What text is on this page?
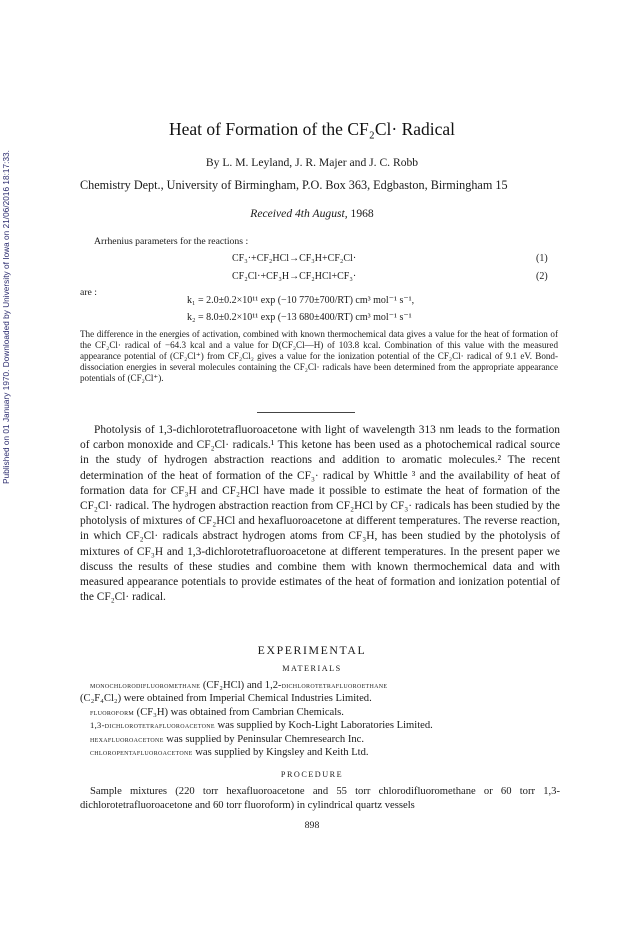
Published on 01 January 1970. Downloaded by University of Iowa on 21/06/2016 18:17:33.
Heat of Formation of the CF₂Cl· Radical
By L. M. Leyland, J. R. Majer and J. C. Robb
Chemistry Dept., University of Birmingham, P.O. Box 363, Edgbaston, Birmingham 15
Received 4th August, 1968
Arrhenius parameters for the reactions :
CF₃·+CF₂HCl→CF₃H+CF₂Cl·	(1)
CF₂Cl·+CF₃H→CF₂HCl+CF₃·	(2)
are :
k₁ = 2.0±0.2×10¹¹ exp (−10 770±700/RT) cm³ mol⁻¹ s⁻¹,
k₂ = 8.0±0.2×10¹¹ exp (−13 680±400/RT) cm³ mol⁻¹ s⁻¹
The difference in the energies of activation, combined with known thermochemical data gives a value for the heat of formation of the CF₂Cl· radical of −64.3 kcal and a value for D(CF₂Cl—H) of 103.8 kcal. Combination of this value with the measured appearance potential of (CF₂Cl⁺) from CF₂Cl₂ gives a value for the ionization potential of the CF₂Cl· radical of 9.1 eV. Bond-dissociation energies in several molecules containing the CF₂Cl· radicals have been determined from the appropriate appearance potentials of (CF₂Cl⁺).

Photolysis of 1,3-dichlorotetrafluoroacetone with light of wavelength 313 nm leads to the formation of carbon monoxide and CF₂Cl· radicals.¹ This ketone has been used as a photochemical radical source in the study of hydrogen abstraction reactions and addition to aromatic molecules.² The recent determination of the heat of formation of the CF₃· radical by Whittle ³ and the availability of heat of formation data for CF₃H and CF₂HCl have made it possible to estimate the heat of formation of the CF₂Cl· radical. The hydrogen abstraction reaction from CF₂HCl by CF₃· radicals has been studied by the photolysis of mixtures of CF₂HCl and hexafluoroacetone at different temperatures. The reverse reaction, in which CF₂Cl· radicals abstract hydrogen atoms from CF₃H, has been studied by the photolysis of mixtures of CF₃H and 1,3-dichlorotetrafluoroacetone at different temperatures. In the present paper we discuss the results of these studies and combine them with known thermochemical data and with measured appearance potentials to provide estimates of the heat of formation and ionization potential of the CF₂Cl· radical.

EXPERIMENTAL
MATERIALS

monochlorodifluoromethane (CF₂HCl) and 1,2-dichlorotetrafluoroethane

(C₂F₄Cl₂) were obtained from Imperial Chemical Industries Limited.

fluoroform (CF₃H) was obtained from Cambrian Chemicals.

1,3-dichlorotetrafluoroacetone was supplied by Koch-Light Laboratories Limited.

hexafluoroacetone was supplied by Peninsular Chemresearch Inc.

chloropentafluoroacetone was supplied by Kingsley and Keith Ltd.

PROCEDURE

Sample mixtures (220 torr hexafluoroacetone and 55 torr chlorodifluoromethane or 60 torr 1,3-dichlorotetrafluoroacetone and 60 torr fluoroform) in cylindrical quartz vessels

898
